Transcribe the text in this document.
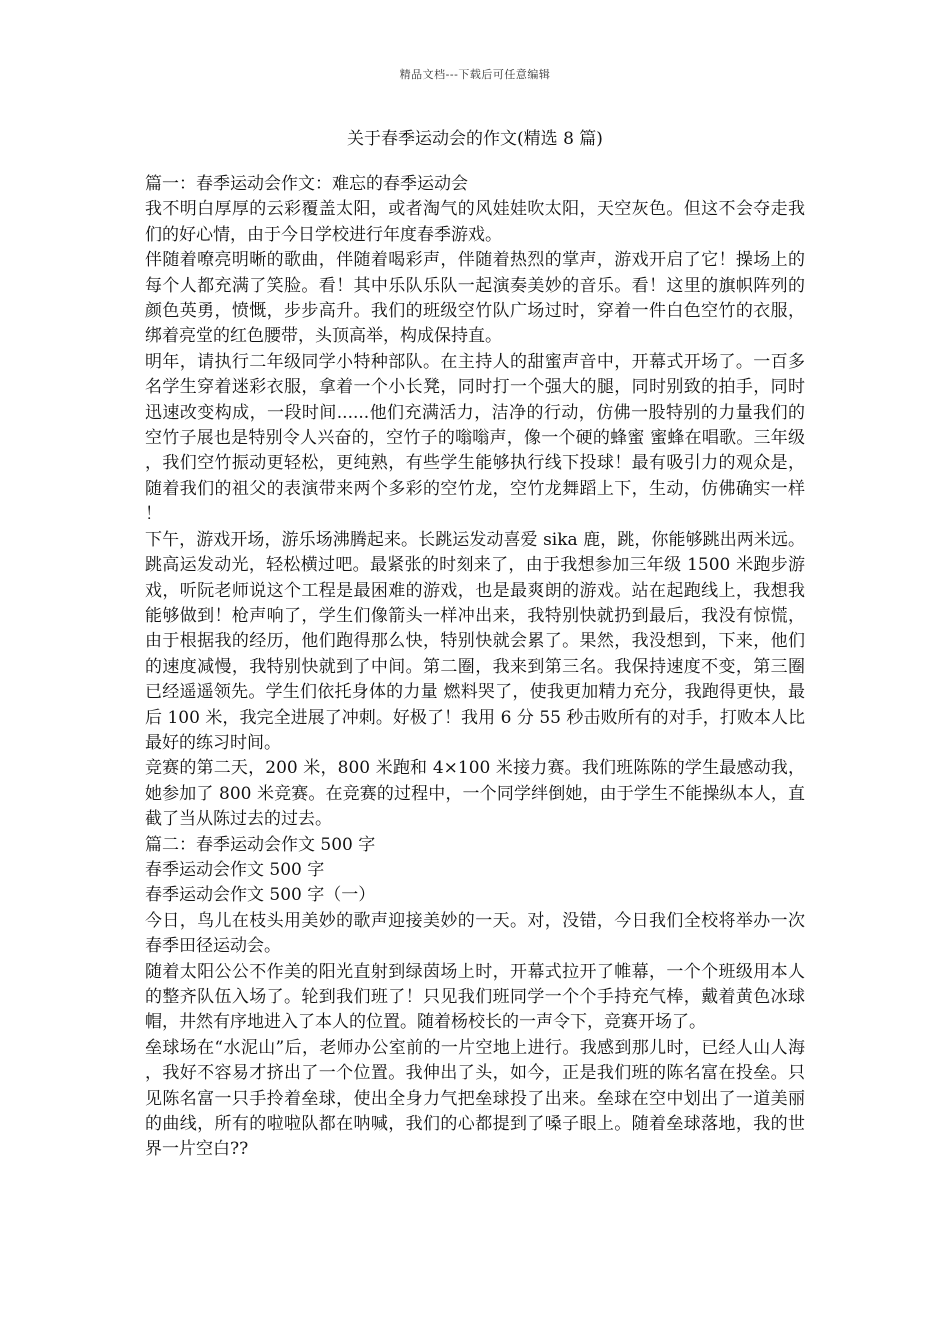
精品文档---下载后可任意编辑
关于春季运动会的作文(精选 8 篇)

篇一：春季运动会作文：难忘的春季运动会

我不明白厚厚的云彩覆盖太阳，或者淘气的风娃娃吹太阳，天空灰色。但这不会夺走我们的好心情，由于今日学校进行年度春季游戏。

伴随着嘹亮明晰的歌曲，伴随着喝彩声，伴随着热烈的掌声，游戏开启了它！操场上的每个人都充满了笑脸。看！其中乐队乐队一起演奏美妙的音乐。看！这里的旗帜阵列的颜色英勇，愤慨，步步高升。我们的班级空竹队广场过时，穿着一件白色空竹的衣服，绑着亮堂的红色腰带，头顶高举，构成保持直。

明年，请执行二年级同学小特种部队。在主持人的甜蜜声音中，开幕式开场了。一百多名学生穿着迷彩衣服，拿着一个小长凳，同时打一个强大的腿，同时别致的拍手，同时迅速改变构成，一段时间......他们充满活力，洁净的行动，仿佛一股特别的力量我们的空竹子展也是特别令人兴奋的，空竹子的嗡嗡声，像一个硬的蜂蜜 蜜蜂在唱歌。三年级，我们空竹振动更轻松，更纯熟，有些学生能够执行线下投球！最有吸引力的观众是，随着我们的祖父的表演带来两个多彩的空竹龙，空竹龙舞蹈上下，生动，仿佛确实一样！

下午，游戏开场，游乐场沸腾起来。长跳运发动喜爱 sika 鹿，跳，你能够跳出两米远。跳高运发动光，轻松横过吧。最紧张的时刻来了，由于我想参加三年级 1500 米跑步游戏，听阮老师说这个工程是最困难的游戏，也是最爽朗的游戏。站在起跑线上，我想我能够做到！枪声响了，学生们像箭头一样冲出来，我特别快就扔到最后，我没有惊慌，由于根据我的经历，他们跑得那么快，特别快就会累了。果然，我没想到，下来，他们的速度减慢，我特别快就到了中间。第二圈，我来到第三名。我保持速度不变，第三圈已经遥遥领先。学生们依托身体的力量 燃料哭了，使我更加精力充分，我跑得更快，最后 100 米，我完全进展了冲刺。好极了！我用 6 分 55 秒击败所有的对手，打败本人比最好的练习时间。

竞赛的第二天，200 米，800 米跑和 4×100 米接力赛。我们班陈陈的学生最感动我，她参加了 800 米竞赛。在竞赛的过程中，一个同学绊倒她，由于学生不能操纵本人，直截了当从陈过去的过去。

篇二：春季运动会作文 500 字

春季运动会作文 500 字

春季运动会作文 500 字（一）

今日，鸟儿在枝头用美妙的歌声迎接美妙的一天。对，没错，今日我们全校将举办一次春季田径运动会。

随着太阳公公不作美的阳光直射到绿茵场上时，开幕式拉开了帷幕，一个个班级用本人的整齐队伍入场了。轮到我们班了！只见我们班同学一个个手持充气棒，戴着黄色冰球帽，井然有序地进入了本人的位置。随着杨校长的一声令下，竞赛开场了。

垒球场在“水泥山”后，老师办公室前的一片空地上进行。我感到那儿时，已经人山人海，我好不容易才挤出了一个位置。我伸出了头，如今，正是我们班的陈名富在投垒。只见陈名富一只手拎着垒球，使出全身力气把垒球投了出来。垒球在空中划出了一道美丽的曲线，所有的啦啦队都在呐喊，我们的心都提到了嗓子眼上。随着垒球落地，我的世界一片空白??
